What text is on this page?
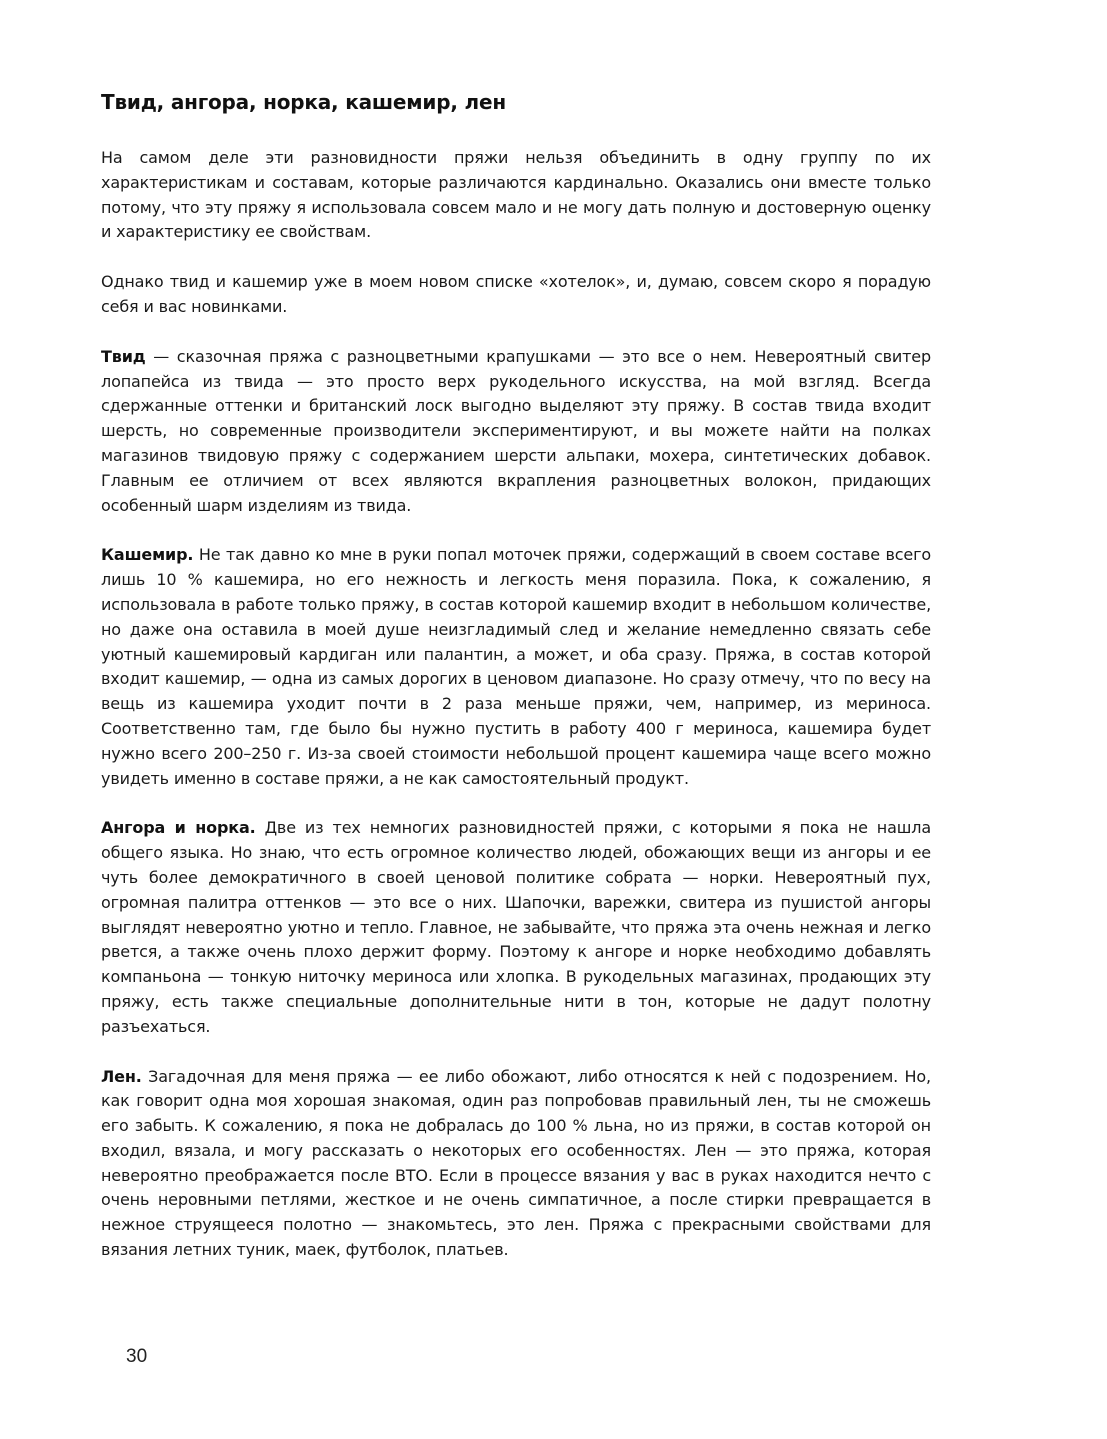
Твид, ангора, норка, кашемир, лен

На самом деле эти разновидности пряжи нельзя объединить в одну группу по их характеристикам и составам, которые различаются кардинально. Оказались они вместе только потому, что эту пряжу я использовала совсем мало и не могу дать полную и достоверную оценку и характеристику ее свойствам.

Однако твид и кашемир уже в моем новом списке «хотелок», и, думаю, совсем скоро я порадую себя и вас новинками.

Твид — сказочная пряжа с разноцветными крапушками — это все о нем. Невероятный свитер лопапейса из твида — это просто верх рукодельного искусства, на мой взгляд. Всегда сдержанные оттенки и британский лоск выгодно выделяют эту пряжу. В состав твида входит шерсть, но современные производители экспериментируют, и вы можете найти на полках магазинов твидовую пряжу с содержанием шерсти альпаки, мохера, синтетических добавок. Главным ее отличием от всех являются вкрапления разноцветных волокон, придающих особенный шарм изделиям из твида.

Кашемир. Не так давно ко мне в руки попал моточек пряжи, содержащий в своем составе всего лишь 10 % кашемира, но его нежность и легкость меня поразила. Пока, к сожалению, я использовала в работе только пряжу, в состав которой кашемир входит в небольшом количестве, но даже она оставила в моей душе неизгладимый след и желание немедленно связать себе уютный кашемировый кардиган или палантин, а может, и оба сразу. Пряжа, в состав которой входит кашемир, — одна из самых дорогих в ценовом диапазоне. Но сразу отмечу, что по весу на вещь из кашемира уходит почти в 2 раза меньше пряжи, чем, например, из мериноса. Соответственно там, где было бы нужно пустить в работу 400 г мериноса, кашемира будет нужно всего 200–250 г. Из-за своей стоимости небольшой процент кашемира чаще всего можно увидеть именно в составе пряжи, а не как самостоятельный продукт.

Ангора и норка. Две из тех немногих разновидностей пряжи, с которыми я пока не нашла общего языка. Но знаю, что есть огромное количество людей, обожающих вещи из ангоры и ее чуть более демократичного в своей ценовой политике собрата — норки. Невероятный пух, огромная палитра оттенков — это все о них. Шапочки, варежки, свитера из пушистой ангоры выглядят невероятно уютно и тепло. Главное, не забывайте, что пряжа эта очень нежная и легко рвется, а также очень плохо держит форму. Поэтому к ангоре и норке необходимо добавлять компаньона — тонкую ниточку мериноса или хлопка. В рукодельных магазинах, продающих эту пряжу, есть также специальные дополнительные нити в тон, которые не дадут полотну разъехаться.

Лен. Загадочная для меня пряжа — ее либо обожают, либо относятся к ней с подозрением. Но, как говорит одна моя хорошая знакомая, один раз попробовав правильный лен, ты не сможешь его забыть. К сожалению, я пока не добралась до 100 % льна, но из пряжи, в состав которой он входил, вязала, и могу рассказать о некоторых его особенностях. Лен — это пряжа, которая невероятно преображается после ВТО. Если в процессе вязания у вас в руках находится нечто с очень неровными петлями, жесткое и не очень симпатичное, а после стирки превращается в нежное струящееся полотно — знакомьтесь, это лен. Пряжа с прекрасными свойствами для вязания летних туник, маек, футболок, платьев.

30
